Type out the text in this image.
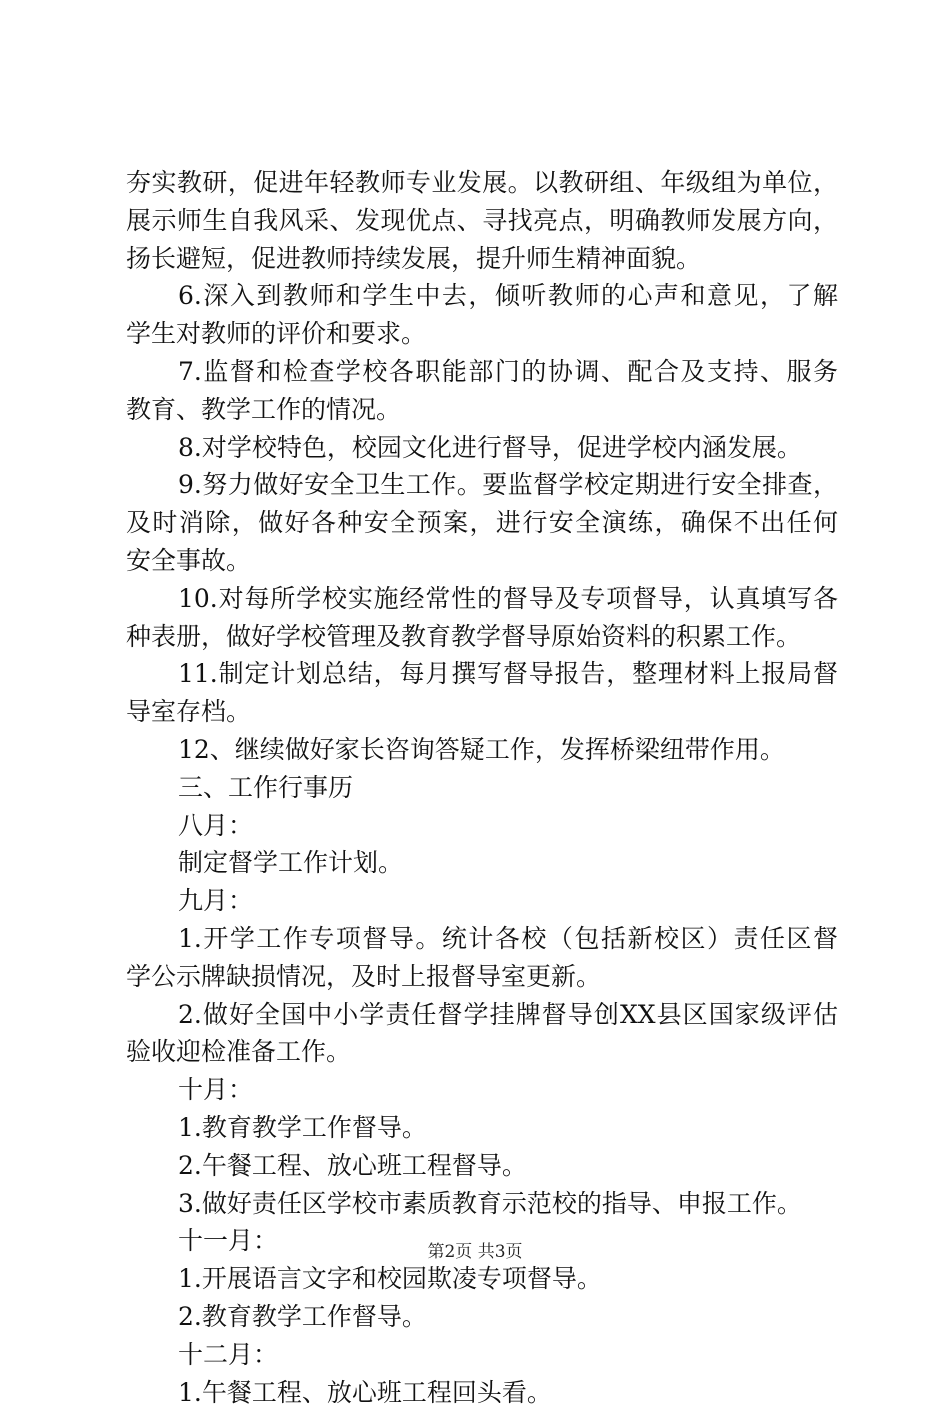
夯实教研，促进年轻教师专业发展。以教研组、年级组为单位，
展示师生自我风采、发现优点、寻找亮点，明确教师发展方向，
扬长避短，促进教师持续发展，提升师生精神面貌。
6.深入到教师和学生中去，倾听教师的心声和意见，了解
学生对教师的评价和要求。
7.监督和检查学校各职能部门的协调、配合及支持、服务
教育、教学工作的情况。
8.对学校特色，校园文化进行督导，促进学校内涵发展。
9.努力做好安全卫生工作。要监督学校定期进行安全排查，
及时消除，做好各种安全预案，进行安全演练，确保不出任何
安全事故。
10.对每所学校实施经常性的督导及专项督导，认真填写各
种表册，做好学校管理及教育教学督导原始资料的积累工作。
11.制定计划总结，每月撰写督导报告，整理材料上报局督
导室存档。
12、继续做好家长咨询答疑工作，发挥桥梁纽带作用。
三、工作行事历
八月：
制定督学工作计划。
九月：
1.开学工作专项督导。统计各校（包括新校区）责任区督
学公示牌缺损情况，及时上报督导室更新。
2.做好全国中小学责任督学挂牌督导创XX县区国家级评估
验收迎检准备工作。
十月：
1.教育教学工作督导。
2.午餐工程、放心班工程督导。
3.做好责任区学校市素质教育示范校的指导、申报工作。
十一月：
1.开展语言文字和校园欺凌专项督导。
2.教育教学工作督导。
十二月：
1.午餐工程、放心班工程回头看。
第2页 共3页
